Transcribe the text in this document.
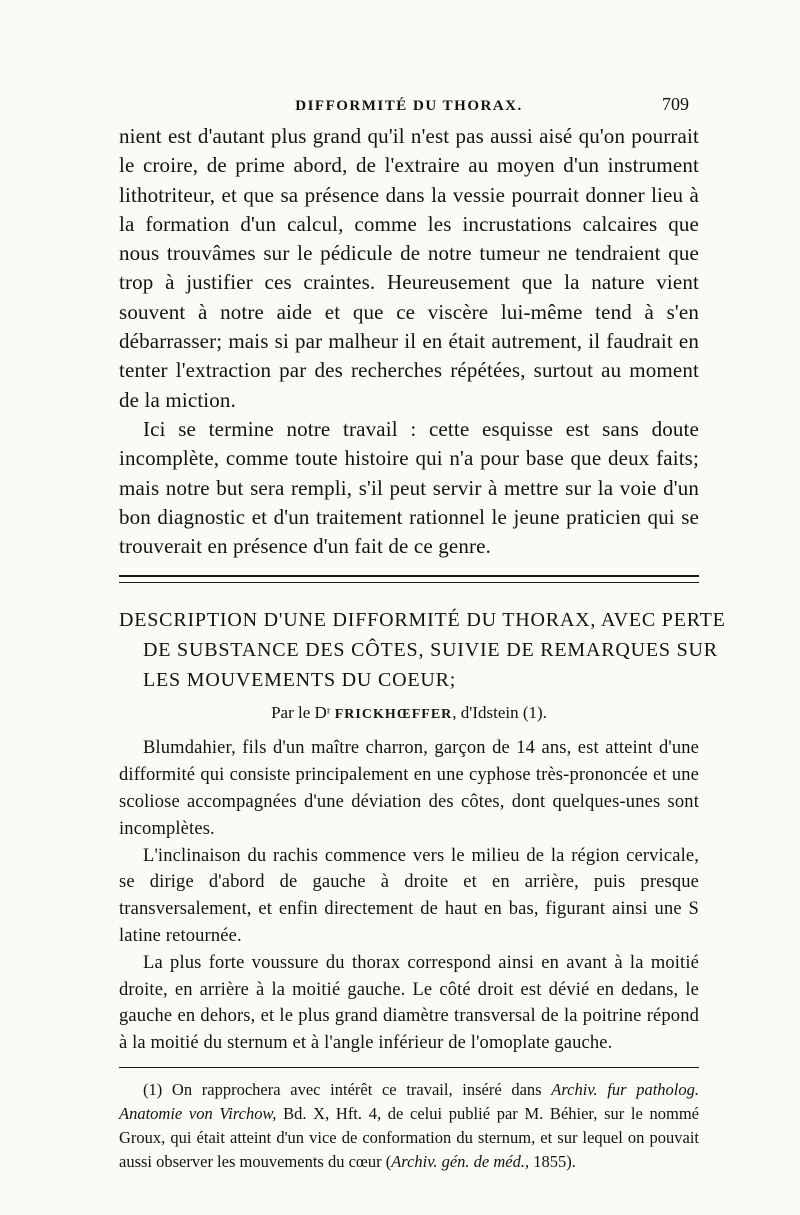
DIFFORMITÉ DU THORAX.	709

nient est d'autant plus grand qu'il n'est pas aussi aisé qu'on pourrait le croire, de prime abord, de l'extraire au moyen d'un instrument lithotriteur, et que sa présence dans la vessie pourrait donner lieu à la formation d'un calcul, comme les incrustations calcaires que nous trouvâmes sur le pédicule de notre tumeur ne tendraient que trop à justifier ces craintes. Heureusement que la nature vient souvent à notre aide et que ce viscère lui-même tend à s'en débarrasser; mais si par malheur il en était autrement, il faudrait en tenter l'extraction par des recherches répétées, surtout au moment de la miction.

Ici se termine notre travail : cette esquisse est sans doute incomplète, comme toute histoire qui n'a pour base que deux faits; mais notre but sera rempli, s'il peut servir à mettre sur la voie d'un bon diagnostic et d'un traitement rationnel le jeune praticien qui se trouverait en présence d'un fait de ce genre.

DESCRIPTION D'UNE DIFFORMITÉ DU THORAX, AVEC PERTE
DE SUBSTANCE DES CÔTES, SUIVIE DE REMARQUES SUR
LES MOUVEMENTS DU COEUR;
Par le Dʳ FRICKHŒFFER, d'Idstein (1).

Blumdahier, fils d'un maître charron, garçon de 14 ans, est atteint d'une difformité qui consiste principalement en une cyphose très-prononcée et une scoliose accompagnées d'une déviation des côtes, dont quelques-unes sont incomplètes.

L'inclinaison du rachis commence vers le milieu de la région cervicale, se dirige d'abord de gauche à droite et en arrière, puis presque transversalement, et enfin directement de haut en bas, figurant ainsi une S latine retournée.

La plus forte voussure du thorax correspond ainsi en avant à la moitié droite, en arrière à la moitié gauche. Le côté droit est dévié en dedans, le gauche en dehors, et le plus grand diamètre transversal de la poitrine répond à la moitié du sternum et à l'angle inférieur de l'omoplate gauche.

(1) On rapprochera avec intérêt ce travail, inséré dans Archiv. fur patholog. Anatomie von Virchow, Bd. X, Hft. 4, de celui publié par M. Béhier, sur le nommé Groux, qui était atteint d'un vice de conformation du sternum, et sur lequel on pouvait aussi observer les mouvements du cœur (Archiv. gén. de méd., 1855).
